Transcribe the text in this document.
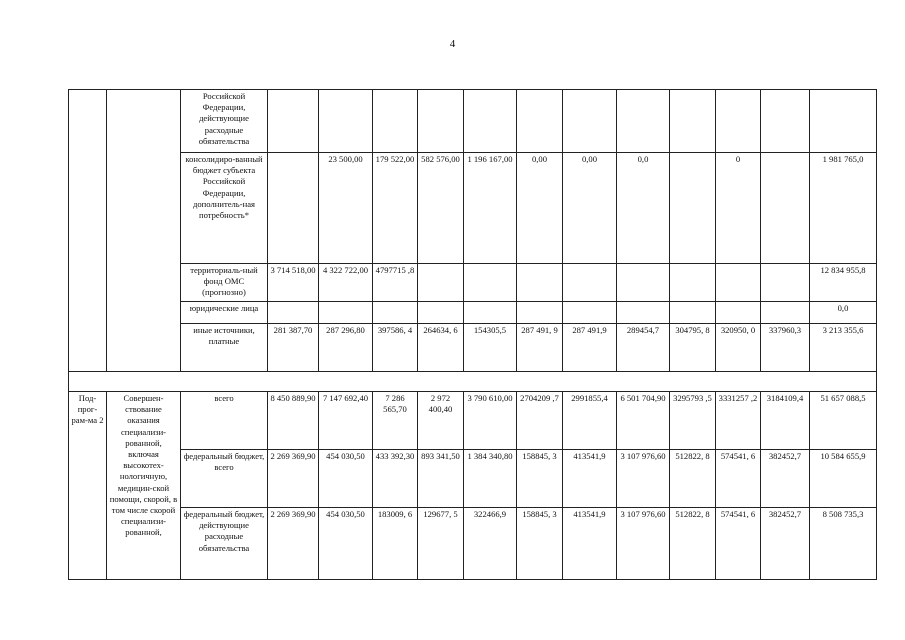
4
		Российской Федерации, действующие расходные обязательства												
		консолидиро-ванный бюджет субъекта Российской Федерации, дополнитель-ная потребность*		23 500,00	179 522,00	582 576,00	1 196 167,00	0,00	0,00	0,0		0		1 981 765,0
		территориаль-ный фонд ОМС (прогнозно)	3 714 518,00	4 322 722,00	4797715 ,8									12 834 955,8
		юридические лица												0,0
		иные источники, платные	281 387,70	287 296,80	397586, 4	264634, 6	154305,5	287 491, 9	287 491,9	289454,7	304795, 8	320950, 0	337960,3	3 213 355,6

Под-прог-рам-ма 2	Совершен-ствование оказания специализи-рованной, включая высокотех-нологичную, медицин-ской помощи, скорой, в том числе скорой специализи-рованной,	всего	8 450 889,90	7 147 692,40	7 286 565,70	2 972 400,40	3 790 610,00	2704209 ,7	2991855,4	6 501 704,90	3295793 ,5	3331257 ,2	3184109,4	51 657 088,5
		федеральный бюджет, всего	2 269 369,90	454 030,50	433 392,30	893 341,50	1 384 340,80	158845, 3	413541,9	3 107 976,60	512822, 8	574541, 6	382452,7	10 584 655,9
		федеральный бюджет, действующие расходные обязательства	2 269 369,90	454 030,50	183009, 6	129677, 5	322466,9	158845, 3	413541,9	3 107 976,60	512822, 8	574541, 6	382452,7	8 508 735,3
